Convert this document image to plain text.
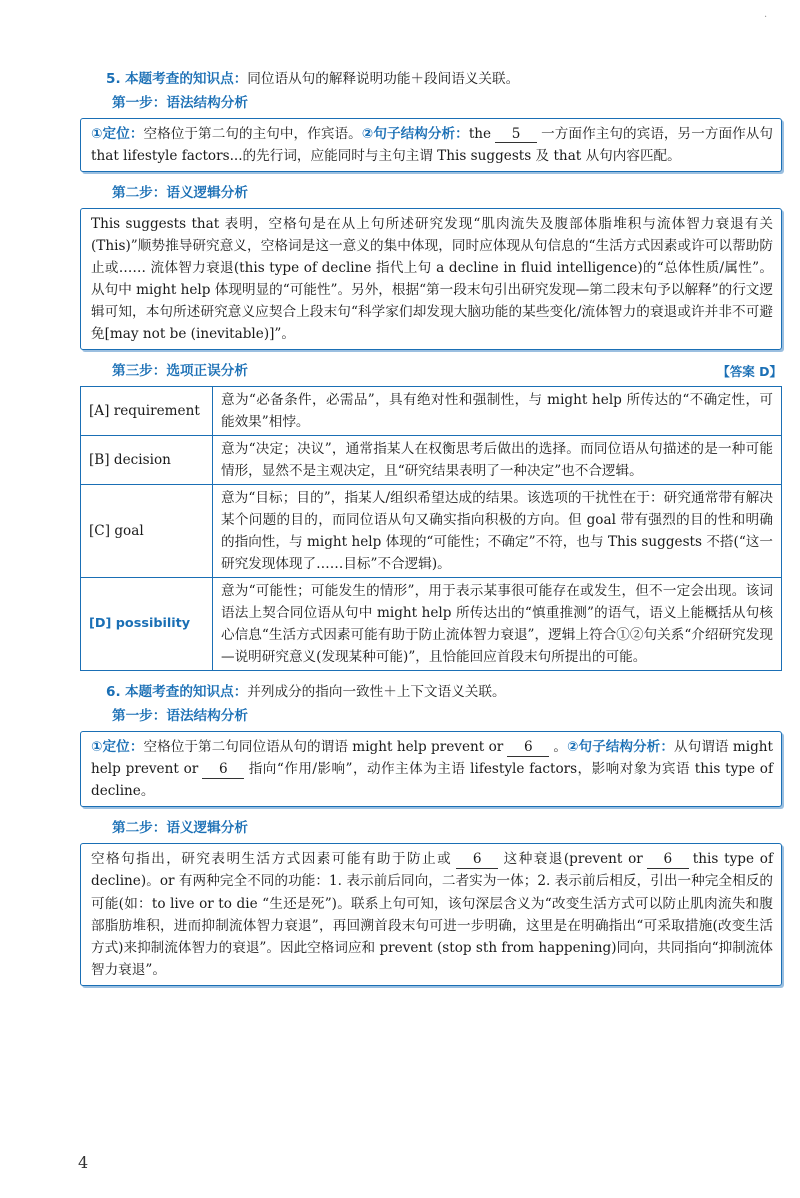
·
5. 本题考查的知识点：同位语从句的解释说明功能＋段间语义关联。
第一步：语法结构分析
①定位：空格位于第二句的主句中，作宾语。②句子结构分析：the 5 一方面作主句的宾语，另一方面作从句 that lifestyle factors...的先行词，应能同时与主句主谓 This suggests 及 that 从句内容匹配。
第二步：语义逻辑分析
This suggests that 表明，空格句是在从上句所述研究发现“肌肉流失及腹部体脂堆积与流体智力衰退有关(This)”顺势推导研究意义，空格词是这一意义的集中体现，同时应体现从句信息的“生活方式因素或许可以帮助防止或…… 流体智力衰退(this type of decline 指代上句 a decline in fluid intelligence)的“总体性质/属性”。从句中 might help 体现明显的“可能性”。另外，根据“第一段末句引出研究发现—第二段末句予以解释”的行文逻辑可知，本句所述研究意义应契合上段末句“科学家们却发现大脑功能的某些变化/流体智力的衰退或许并非不可避免[may not be (inevitable)]”。
第三步：选项正误分析	【答案 D】
[A] requirement	意为“必备条件，必需品”，具有绝对性和强制性，与 might help 所传达的“不确定性，可能效果”相悖。
[B] decision	意为“决定；决议”，通常指某人在权衡思考后做出的选择。而同位语从句描述的是一种可能情形，显然不是主观决定，且“研究结果表明了一种决定”也不合逻辑。
[C] goal	意为“目标；目的”，指某人/组织希望达成的结果。该选项的干扰性在于：研究通常带有解决某个问题的目的，而同位语从句又确实指向积极的方向。但 goal 带有强烈的目的性和明确的指向性，与 might help 体现的“可能性；不确定”不符，也与 This suggests 不搭(“这一研究发现体现了……目标”不合逻辑)。
[D] possibility	意为“可能性；可能发生的情形”，用于表示某事很可能存在或发生，但不一定会出现。该词语法上契合同位语从句中 might help 所传达出的“慎重推测”的语气，语义上能概括从句核心信息“生活方式因素可能有助于防止流体智力衰退”，逻辑上符合①②句关系“介绍研究发现—说明研究意义(发现某种可能)”，且恰能回应首段末句所提出的可能。
6. 本题考查的知识点：并列成分的指向一致性＋上下文语义关联。
第一步：语法结构分析
①定位：空格位于第二句同位语从句的谓语 might help prevent or 6 。②句子结构分析：从句谓语 might help prevent or 6 指向“作用/影响”，动作主体为主语 lifestyle factors，影响对象为宾语 this type of decline。
第二步：语义逻辑分析
空格句指出，研究表明生活方式因素可能有助于防止或 6 这种衰退(prevent or 6 this type of decline)。or 有两种完全不同的功能：1. 表示前后同向，二者实为一体；2. 表示前后相反，引出一种完全相反的可能(如：to live or to die “生还是死”)。联系上句可知，该句深层含义为“改变生活方式可以防止肌肉流失和腹部脂肪堆积，进而抑制流体智力衰退”，再回溯首段末句可进一步明确，这里是在明确指出“可采取措施(改变生活方式)来抑制流体智力的衰退”。因此空格词应和 prevent (stop sth from happening)同向，共同指向“抑制流体智力衰退”。
4
